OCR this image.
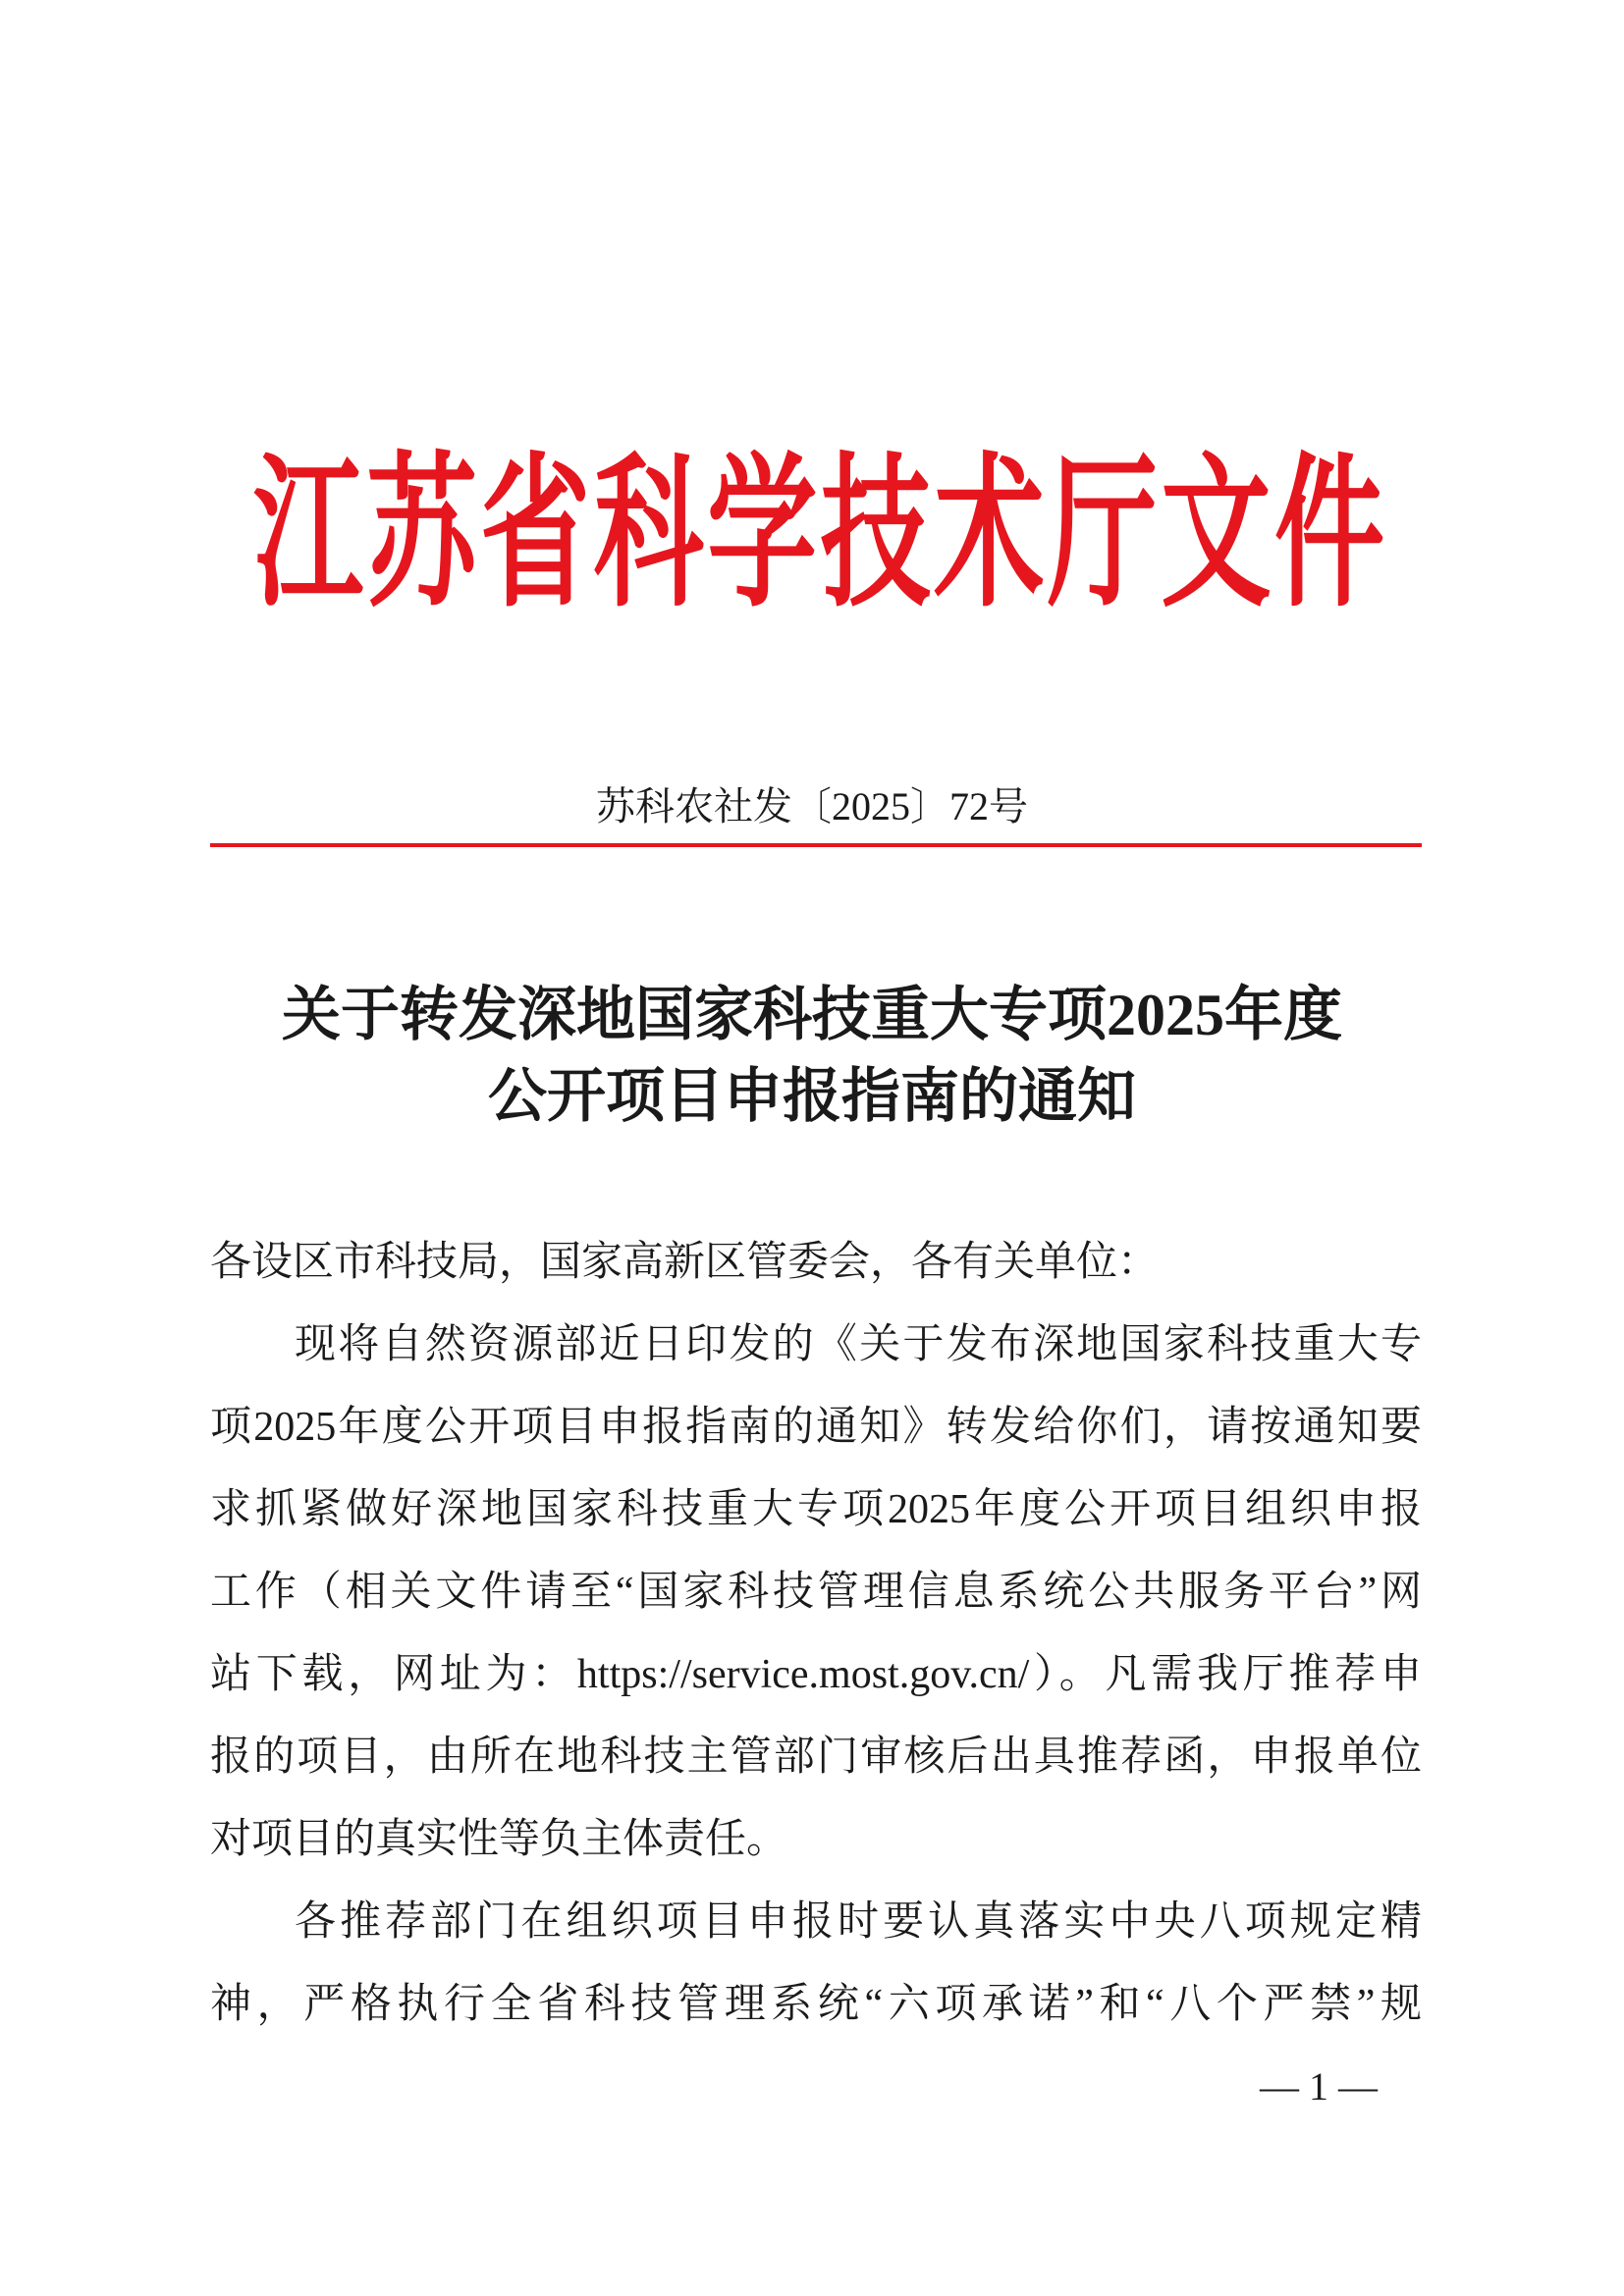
江苏省科学技术厅文件
苏科农社发〔2025〕72号
关于转发深地国家科技重大专项2025年度
公开项目申报指南的通知
各设区市科技局，国家高新区管委会，各有关单位：
现将自然资源部近日印发的《关于发布深地国家科技重大专
项2025年度公开项目申报指南的通知》转发给你们，请按通知要
求抓紧做好深地国家科技重大专项2025年度公开项目组织申报
工作（相关文件请至“国家科技管理信息系统公共服务平台”网
站下载，网址为：https://service.most.gov.cn/）。凡需我厅推荐申
报的项目，由所在地科技主管部门审核后出具推荐函，申报单位
对项目的真实性等负主体责任。
各推荐部门在组织项目申报时要认真落实中央八项规定精
神，严格执行全省科技管理系统“六项承诺”和“八个严禁”规
— 1 —
